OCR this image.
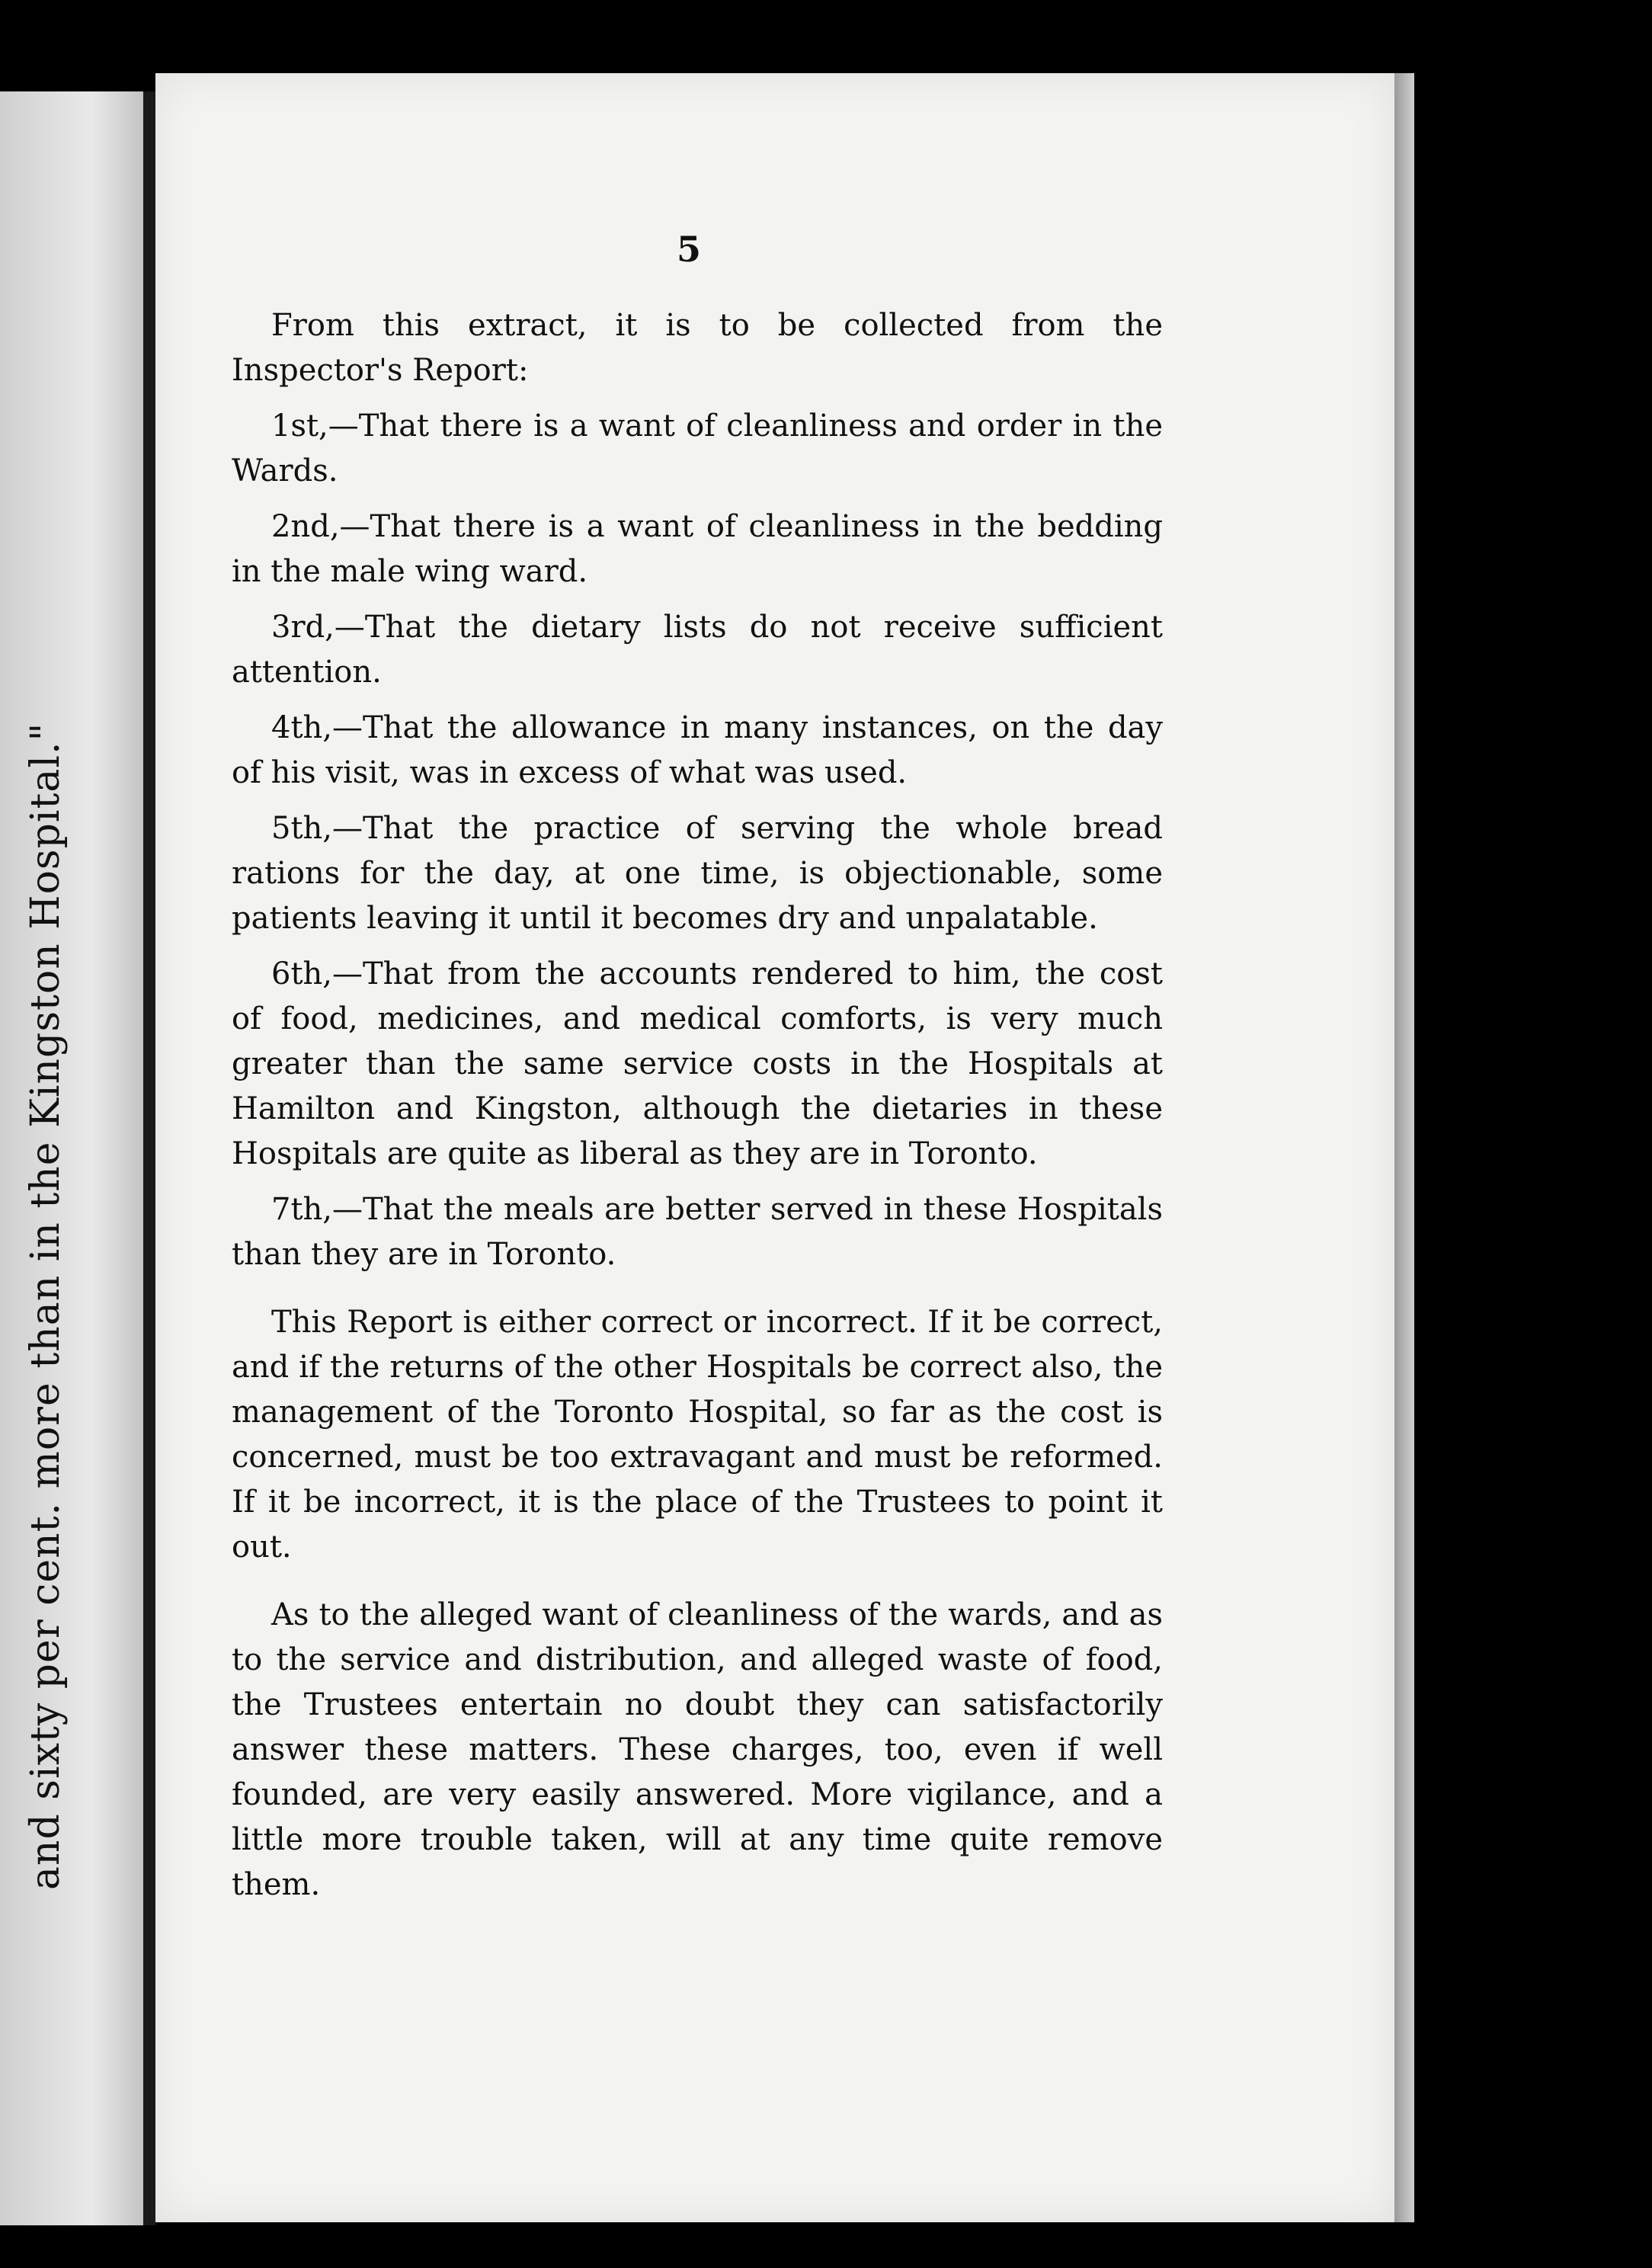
and sixty per cent. more than in the Kingston Hospital."
5

From this extract, it is to be collected from the Inspector's Report:

1st,—That there is a want of cleanliness and order in the Wards.

2nd,—That there is a want of cleanliness in the bedding in the male wing ward.

3rd,—That the dietary lists do not receive sufficient attention.

4th,—That the allowance in many instances, on the day of his visit, was in excess of what was used.

5th,—That the practice of serving the whole bread rations for the day, at one time, is objectionable, some patients leaving it until it becomes dry and unpalatable.

6th,—That from the accounts rendered to him, the cost of food, medicines, and medical comforts, is very much greater than the same service costs in the Hospitals at Hamilton and Kingston, although the dietaries in these Hospitals are quite as liberal as they are in Toronto.

7th,—That the meals are better served in these Hospitals than they are in Toronto.

This Report is either correct or incorrect. If it be correct, and if the returns of the other Hospitals be correct also, the management of the Toronto Hospital, so far as the cost is concerned, must be too extravagant and must be reformed. If it be incorrect, it is the place of the Trustees to point it out.

As to the alleged want of cleanliness of the wards, and as to the service and distribution, and alleged waste of food, the Trustees entertain no doubt they can satisfactorily answer these matters. These charges, too, even if well founded, are very easily answered. More vigilance, and a little more trouble taken, will at any time quite remove them.
